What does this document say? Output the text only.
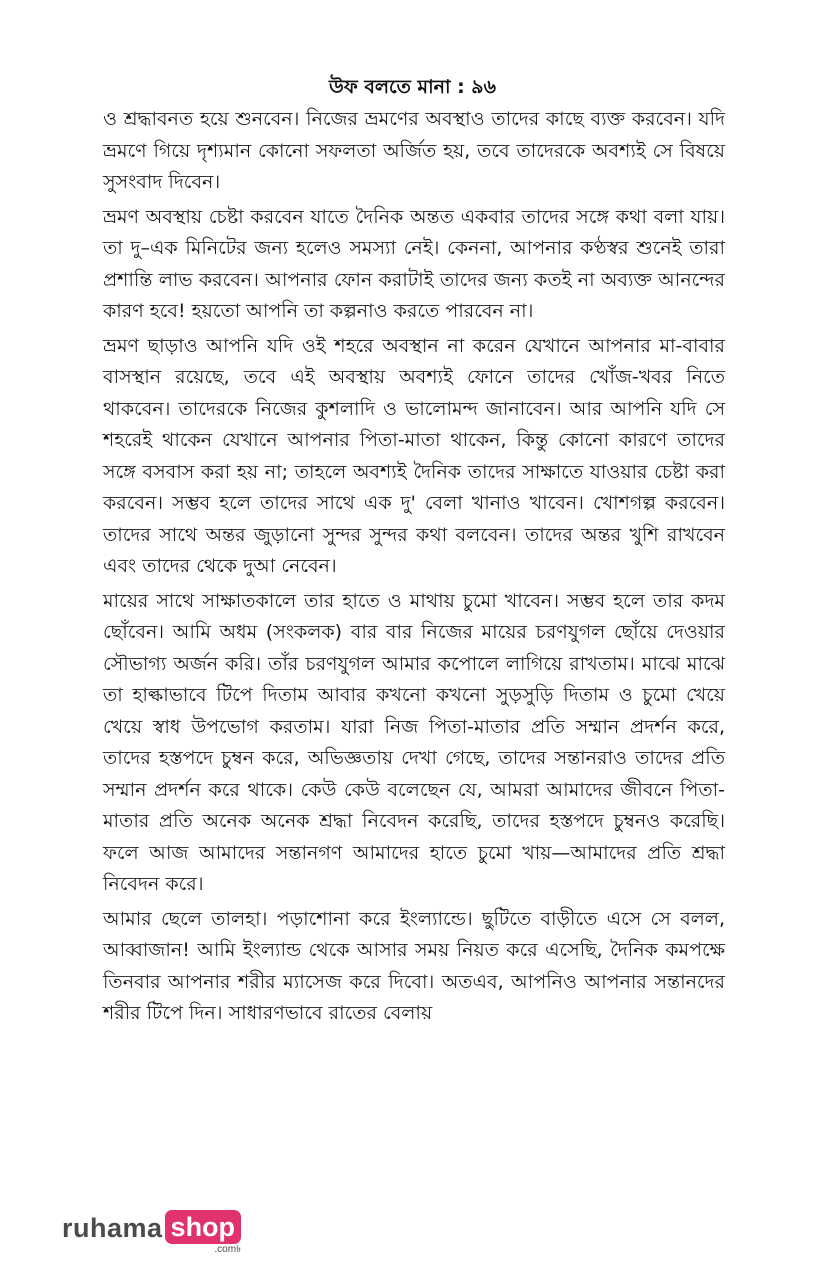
উফ বলতে মানা : ৯৬

ও শ্রদ্ধাবনত হয়ে শুনবেন। নিজের ভ্রমণের অবস্থাও তাদের কাছে ব্যক্ত করবেন। যদি ভ্রমণে গিয়ে দৃশ্যমান কোনো সফলতা অর্জিত হয়, তবে তাদেরকে অবশ্যই সে বিষয়ে সুসংবাদ দিবেন।

ভ্রমণ অবস্থায় চেষ্টা করবেন যাতে দৈনিক অন্তত একবার তাদের সঙ্গে কথা বলা যায়। তা দু–এক মিনিটের জন্য হলেও সমস্যা নেই। কেননা, আপনার কণ্ঠস্বর শুনেই তারা প্রশান্তি লাভ করবেন। আপনার ফোন করাটাই তাদের জন্য কতই না অব্যক্ত আনন্দের কারণ হবে! হয়তো আপনি তা কল্পনাও করতে পারবেন না।

ভ্রমণ ছাড়াও আপনি যদি ওই শহরে অবস্থান না করেন যেখানে আপনার মা-বাবার বাসস্থান রয়েছে, তবে এই অবস্থায় অবশ্যই ফোনে তাদের খোঁজ-খবর নিতে থাকবেন। তাদেরকে নিজের কুশলাদি ও ভালোমন্দ জানাবেন। আর আপনি যদি সে শহরেই থাকেন যেখানে আপনার পিতা-মাতা থাকেন, কিন্তু কোনো কারণে তাদের সঙ্গে বসবাস করা হয় না; তাহলে অবশ্যই দৈনিক তাদের সাক্ষাতে যাওয়ার চেষ্টা করা করবেন। সম্ভব হলে তাদের সাথে এক দু' বেলা খানাও খাবেন। খোশগল্প করবেন। তাদের সাথে অন্তর জুড়ানো সুন্দর সুন্দর কথা বলবেন। তাদের অন্তর খুশি রাখবেন এবং তাদের থেকে দুআ নেবেন।

মায়ের সাথে সাক্ষাতকালে তার হাতে ও মাথায় চুমো খাবেন। সম্ভব হলে তার কদম ছোঁবেন। আমি অধম (সংকলক) বার বার নিজের মায়ের চরণযুগল ছোঁয়ে দেওয়ার সৌভাগ্য অর্জন করি। তাঁর চরণযুগল আমার কপোলে লাগিয়ে রাখতাম। মাঝে মাঝে তা হাল্কাভাবে টিপে দিতাম আবার কখনো কখনো সুড়সুড়ি দিতাম ও চুমো খেয়ে খেয়ে স্বাধ উপভোগ করতাম। যারা নিজ পিতা-মাতার প্রতি সম্মান প্রদর্শন করে, তাদের হস্তপদে চুম্বন করে, অভিজ্ঞতায় দেখা গেছে, তাদের সন্তানরাও তাদের প্রতি সম্মান প্রদর্শন করে থাকে। কেউ কেউ বলেছেন যে, আমরা আমাদের জীবনে পিতা-মাতার প্রতি অনেক অনেক শ্রদ্ধা নিবেদন করেছি, তাদের হস্তপদে চুম্বনও করেছি। ফলে আজ আমাদের সন্তানগণ আমাদের হাতে চুমো খায়—আমাদের প্রতি শ্রদ্ধা নিবেদন করে।

আমার ছেলে তালহা। পড়াশোনা করে ইংল্যান্ডে। ছুটিতে বাড়ীতে এসে সে বলল, আব্বাজান! আমি ইংল্যান্ড থেকে আসার সময় নিয়ত করে এসেছি, দৈনিক কমপক্ষে তিনবার আপনার শরীর ম্যাসেজ করে দিবো। অতএব, আপনিও আপনার সন্তানদের শরীর টিপে দিন। সাধারণভাবে রাতের বেলায়

ruhama shop
.com৳
